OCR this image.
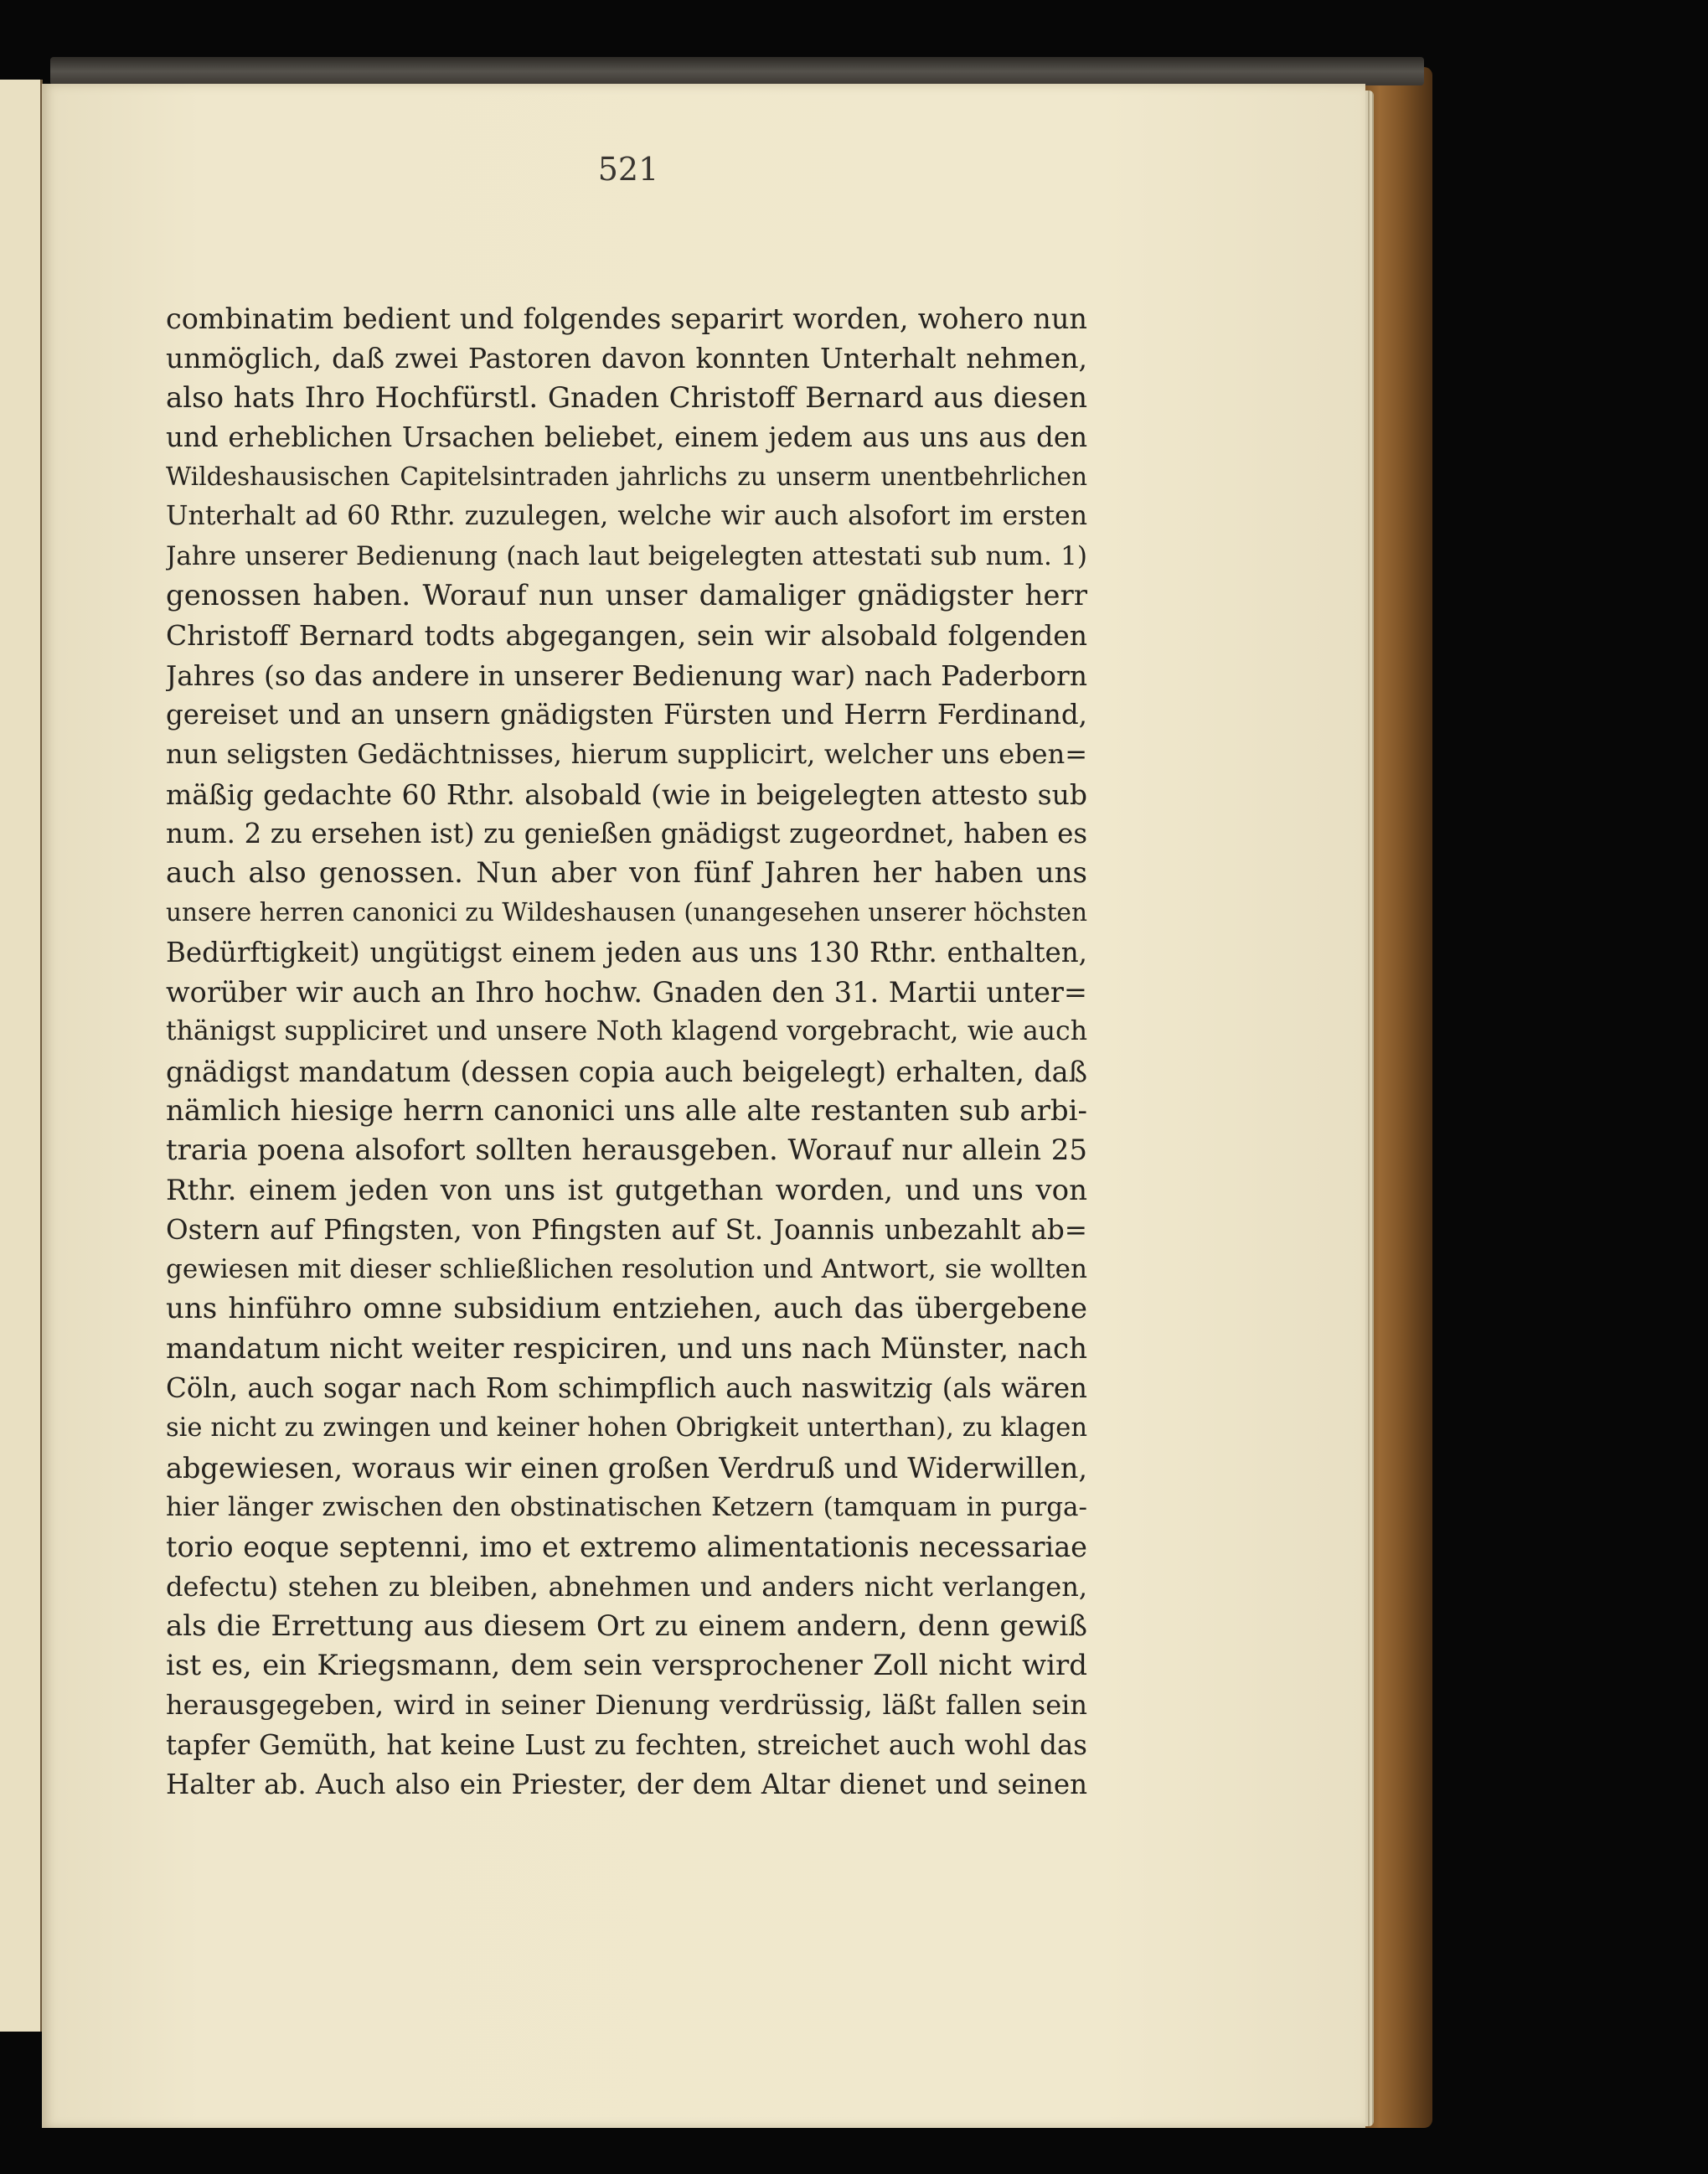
521
combinatim bedient und folgendes separirt worden, wohero nun
unmöglich, daß zwei Pastoren davon konnten Unterhalt nehmen,
also hats Ihro Hochfürstl. Gnaden Christoff Bernard aus diesen
und erheblichen Ursachen beliebet, einem jedem aus uns aus den
Wildeshausischen Capitelsintraden jahrlichs zu unserm unentbehrlichen
Unterhalt ad 60 Rthr. zuzulegen, welche wir auch alsofort im ersten
Jahre unserer Bedienung (nach laut beigelegten attestati sub num. 1)
genossen haben. Worauf nun unser damaliger gnädigster herr
Christoff Bernard todts abgegangen, sein wir alsobald folgenden
Jahres (so das andere in unserer Bedienung war) nach Paderborn
gereiset und an unsern gnädigsten Fürsten und Herrn Ferdinand,
nun seligsten Gedächtnisses, hierum supplicirt, welcher uns eben=
mäßig gedachte 60 Rthr. alsobald (wie in beigelegten attesto sub
num. 2 zu ersehen ist) zu genießen gnädigst zugeordnet, haben es
auch also genossen. Nun aber von fünf Jahren her haben uns
unsere herren canonici zu Wildeshausen (unangesehen unserer höchsten
Bedürftigkeit) ungütigst einem jeden aus uns 130 Rthr. enthalten,
worüber wir auch an Ihro hochw. Gnaden den 31. Martii unter=
thänigst suppliciret und unsere Noth klagend vorgebracht, wie auch
gnädigst mandatum (dessen copia auch beigelegt) erhalten, daß
nämlich hiesige herrn canonici uns alle alte restanten sub arbi-
traria poena alsofort sollten herausgeben. Worauf nur allein 25
Rthr. einem jeden von uns ist gutgethan worden, und uns von
Ostern auf Pfingsten, von Pfingsten auf St. Joannis unbezahlt ab=
gewiesen mit dieser schließlichen resolution und Antwort, sie wollten
uns hinführo omne subsidium entziehen, auch das übergebene
mandatum nicht weiter respiciren, und uns nach Münster, nach
Cöln, auch sogar nach Rom schimpflich auch naswitzig (als wären
sie nicht zu zwingen und keiner hohen Obrigkeit unterthan), zu klagen
abgewiesen, woraus wir einen großen Verdruß und Widerwillen,
hier länger zwischen den obstinatischen Ketzern (tamquam in purga-
torio eoque septenni, imo et extremo alimentationis necessariae
defectu) stehen zu bleiben, abnehmen und anders nicht verlangen,
als die Errettung aus diesem Ort zu einem andern, denn gewiß
ist es, ein Kriegsmann, dem sein versprochener Zoll nicht wird
herausgegeben, wird in seiner Dienung verdrüssig, läßt fallen sein
tapfer Gemüth, hat keine Lust zu fechten, streichet auch wohl das
Halter ab. Auch also ein Priester, der dem Altar dienet und seinen
